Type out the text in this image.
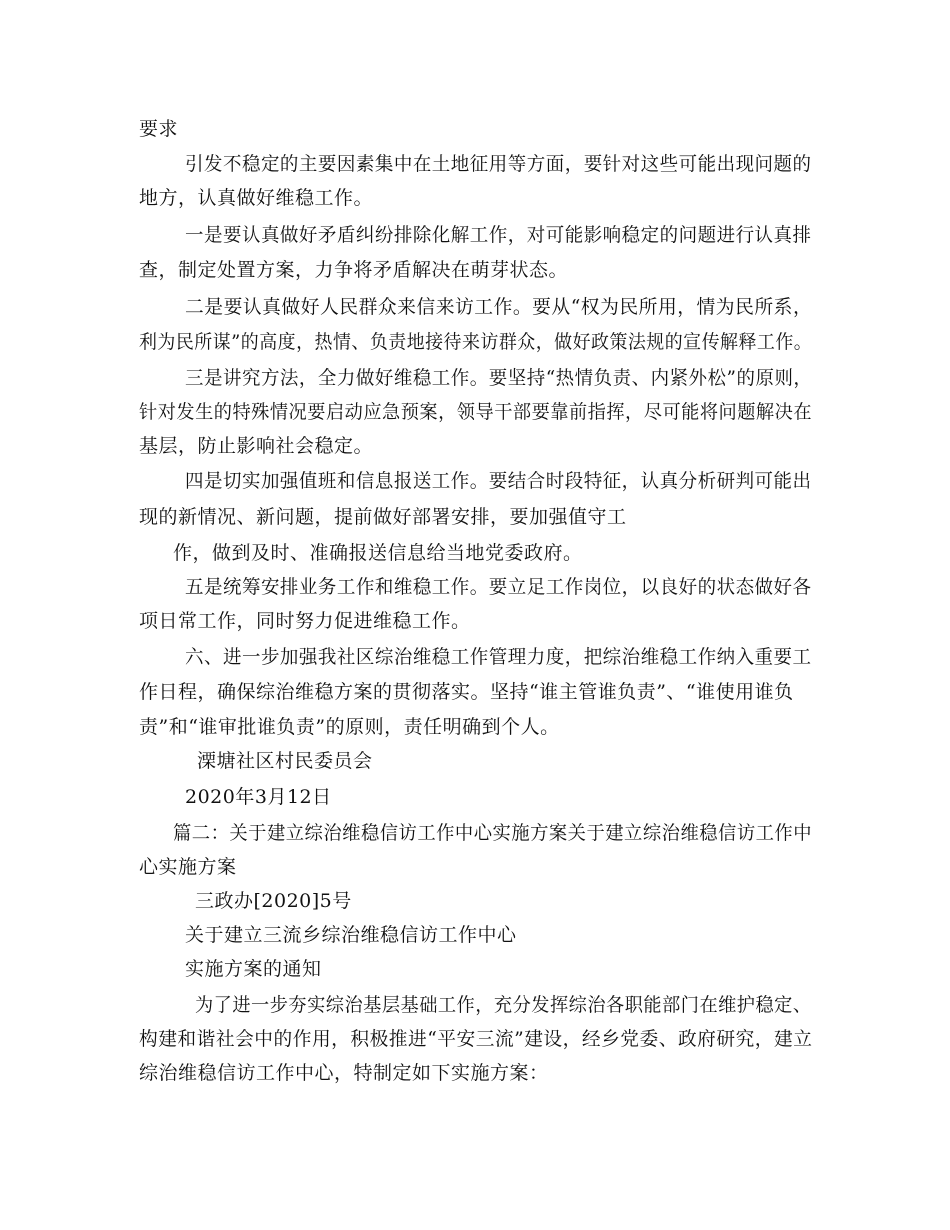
要求
引发不稳定的主要因素集中在土地征用等方面，要针对这些可能出现问题的
地方，认真做好维稳工作。
一是要认真做好矛盾纠纷排除化解工作，对可能影响稳定的问题进行认真排
查，制定处置方案，力争将矛盾解决在萌芽状态。
二是要认真做好人民群众来信来访工作。要从“权为民所用，情为民所系，
利为民所谋”的高度，热情、负责地接待来访群众，做好政策法规的宣传解释工作。
三是讲究方法，全力做好维稳工作。要坚持“热情负责、内紧外松”的原则，
针对发生的特殊情况要启动应急预案，领导干部要靠前指挥，尽可能将问题解决在
基层，防止影响社会稳定。
四是切实加强值班和信息报送工作。要结合时段特征，认真分析研判可能出
现的新情况、新问题，提前做好部署安排，要加强值守工
作，做到及时、准确报送信息给当地党委政府。
五是统筹安排业务工作和维稳工作。要立足工作岗位，以良好的状态做好各
项日常工作，同时努力促进维稳工作。
六、进一步加强我社区综治维稳工作管理力度，把综治维稳工作纳入重要工
作日程，确保综治维稳方案的贯彻落实。坚持“谁主管谁负责”、“谁使用谁负
责”和“谁审批谁负责”的原则，责任明确到个人。
溧塘社区村民委员会
2020年3月12日
篇二：关于建立综治维稳信访工作中心实施方案关于建立综治维稳信访工作中
心实施方案
三政办[2020]5号
关于建立三流乡综治维稳信访工作中心
实施方案的通知
为了进一步夯实综治基层基础工作，充分发挥综治各职能部门在维护稳定、
构建和谐社会中的作用，积极推进“平安三流”建设，经乡党委、政府研究，建立
综治维稳信访工作中心，特制定如下实施方案：
